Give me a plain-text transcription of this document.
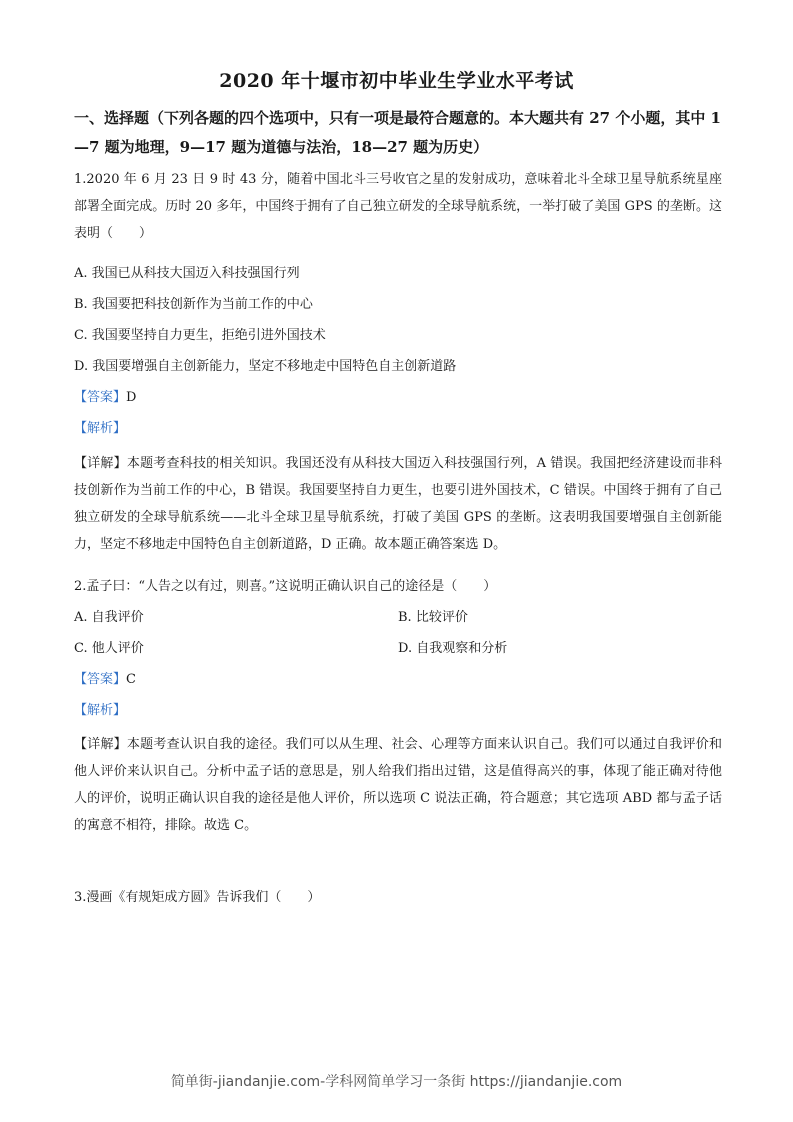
2020 年十堰市初中毕业生学业水平考试
一、选择题（下列各题的四个选项中，只有一项是最符合题意的。本大题共有 27 个小题，其中 1—7 题为地理，9—17 题为道德与法治，18—27 题为历史）
1.2020 年 6 月 23 日 9 时 43 分，随着中国北斗三号收官之星的发射成功，意味着北斗全球卫星导航系统星座部署全面完成。历时 20 多年，中国终于拥有了自己独立研发的全球导航系统，一举打破了美国 GPS 的垄断。这表明（　　）
A. 我国已从科技大国迈入科技强国行列
B. 我国要把科技创新作为当前工作的中心
C. 我国要坚持自力更生，拒绝引进外国技术
D. 我国要增强自主创新能力，坚定不移地走中国特色自主创新道路
【答案】D
【解析】
【详解】本题考查科技的相关知识。我国还没有从科技大国迈入科技强国行列，A 错误。我国把经济建设而非科技创新作为当前工作的中心，B 错误。我国要坚持自力更生，也要引进外国技术，C 错误。中国终于拥有了自己独立研发的全球导航系统——北斗全球卫星导航系统，打破了美国 GPS 的垄断。这表明我国要增强自主创新能力，坚定不移地走中国特色自主创新道路，D 正确。故本题正确答案选 D。
2.孟子曰：“人告之以有过，则喜。”这说明正确认识自己的途径是（　　）
A. 自我评价	B. 比较评价
C. 他人评价	D. 自我观察和分析
【答案】C
【解析】
【详解】本题考查认识自我的途径。我们可以从生理、社会、心理等方面来认识自己。我们可以通过自我评价和他人评价来认识自己。分析中孟子话的意思是，别人给我们指出过错，这是值得高兴的事，体现了能正确对待他人的评价，说明正确认识自我的途径是他人评价，所以选项 C 说法正确，符合题意；其它选项 ABD 都与孟子话的寓意不相符，排除。故选 C。
3.漫画《有规矩成方圆》告诉我们（　　）
简单街-jiandanjie.com-学科网简单学习一条街 https://jiandanjie.com
